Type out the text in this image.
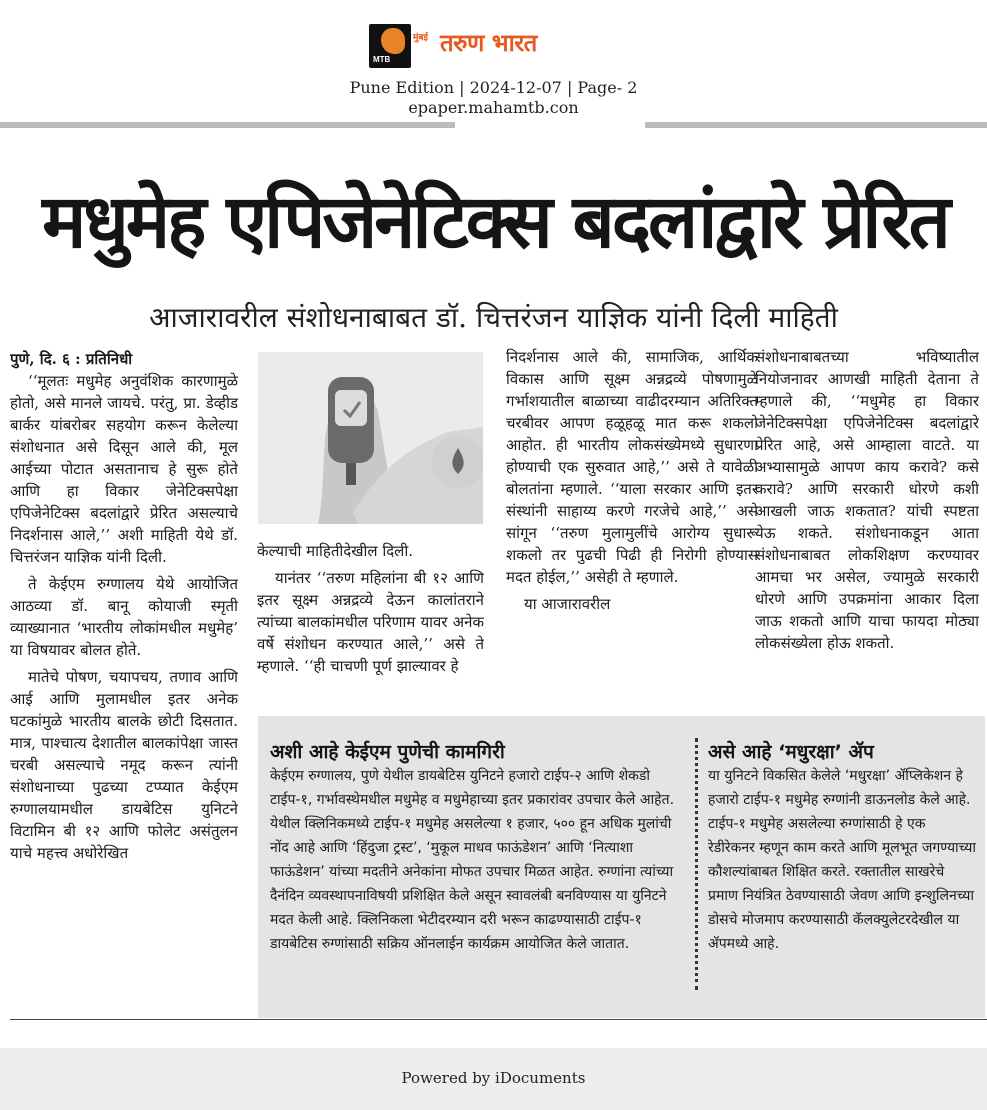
MTB
मुंबई तरुण भारत
Pune Edition | 2024-12-07 | Page- 2
epaper.mahamtb.con
मधुमेह एपिजेनेटिक्स बदलांद्वारे प्रेरित
आजारावरील संशोधनाबाबत डॉ. चित्तरंजन याज्ञिक यांनी दिली माहिती

पुणे, दि. ६ : प्रतिनिधी

‘‘मूलतः मधुमेह अनुवंशिक कारणामुळे होतो, असे मानले जायचे. परंतु, प्रा. डेव्हीड बार्कर यांबरोबर सहयोग करून केलेल्या संशोधनात असे दिसून आले की, मूल आईच्या पोटात असतानाच हे सुरू होते आणि हा विकार जेनेटिक्सपेक्षा एपिजेनेटिक्स बदलांद्वारे प्रेरित असल्याचे निदर्शनास आले,’’ अशी माहिती येथे डॉ. चित्तरंजन याज्ञिक यांनी दिली.

ते केईएम रुग्णालय येथे आयोजित आठव्या डॉ. बानू कोयाजी स्मृती व्याख्यानात ‘भारतीय लोकांमधील मधुमेह’ या विषयावर बोलत होते.

मातेचे पोषण, चयापचय, तणाव आणि आई आणि मुलामधील इतर अनेक घटकांमुळे भारतीय बालके छोटी दिसतात. मात्र, पाश्चात्य देशातील बालकांपेक्षा जास्त चरबी असल्याचे नमूद करून त्यांनी संशोधनाच्या पुढच्या टप्प्यात केईएम रुग्णालयामधील डायबेटिस युनिटने विटामिन बी १२ आणि फोलेट असंतुलन याचे महत्त्व अधोरेखित

केल्याची माहितीदेखील दिली.

यानंतर ‘‘तरुण महिलांना बी १२ आणि इतर सूक्ष्म अन्नद्रव्ये देऊन कालांतराने त्यांच्या बालकांमधील परिणाम यावर अनेक वर्षे संशोधन करण्यात आले,’’ असे ते म्हणाले. ‘‘ही चाचणी पूर्ण झाल्यावर हे

निदर्शनास आले की, सामाजिक, आर्थिक विकास आणि सूक्ष्म अन्नद्रव्ये पोषणामुळे गर्भाशयातील बाळाच्या वाढीदरम्यान अतिरिक्त चरबीवर आपण हळूहळू मात करू शकलो आहोत. ही भारतीय लोकसंख्येमध्ये सुधारणा होण्याची एक सुरुवात आहे,’’ असे ते यावेळी बोलतांना म्हणाले. ‘‘याला सरकार आणि इतर संस्थांनी साहाय्य करणे गरजेचे आहे,’’ असे सांगून ‘‘तरुण मुलामुलींचे आरोग्य सुधारू शकलो तर पुढची पिढी ही निरोगी होण्यास मदत होईल,’’ असेही ते म्हणाले.

या आजारावरील

संशोधनाबाबतच्या भविष्यातील नियोजनावर आणखी माहिती देताना ते म्हणाले की, ‘‘मधुमेह हा विकार जेनेटिक्सपेक्षा एपिजेनेटिक्स बदलांद्वारे प्रेरित आहे, असे आम्हाला वाटते. या अभ्यासामुळे आपण काय करावे? कसे करावे? आणि सरकारी धोरणे कशी आखली जाऊ शकतात? यांची स्पष्टता येऊ शकते. संशोधनाकडून आता संशोधनाबाबत लोकशिक्षण करण्यावर आमचा भर असेल, ज्यामुळे सरकारी धोरणे आणि उपक्रमांना आकार दिला जाऊ शकतो आणि याचा फायदा मोठ्या लोकसंख्येला होऊ शकतो.

अशी आहे केईएम पुणेची कामगिरी
केईएम रुग्णालय, पुणे येथील डायबेटिस युनिटने हजारो टाईप-२ आणि शेकडो टाईप-१, गर्भावस्थेमधील मधुमेह व मधुमेहाच्या इतर प्रकारांवर उपचार केले आहेत. येथील क्लिनिकमध्ये टाईप-१ मधुमेह असलेल्या १ हजार, ५०० हून अधिक मुलांची नोंद आहे आणि ‘हिंदुजा ट्रस्ट’, ‘मुकूल माधव फाऊंडेशन’ आणि ‘नित्याशा फाऊंडेशन’ यांच्या मदतीने अनेकांना मोफत उपचार मिळत आहेत. रुग्णांना त्यांच्या दैनंदिन व्यवस्थापनाविषयी प्रशिक्षित केले असून स्वावलंबी बनविण्यास या युनिटने मदत केली आहे. क्लिनिकला भेटीदरम्यान दरी भरून काढण्यासाठी टाईप-१ डायबेटिस रुग्णांसाठी सक्रिय ऑनलाईन कार्यक्रम आयोजित केले जातात.
असे आहे ‘मधुरक्षा’ ॲप
या युनिटने विकसित केलेले ‘मधुरक्षा’ ॲप्लिकेशन हे हजारो टाईप-१ मधुमेह रुग्णांनी डाऊनलोड केले आहे. टाईप-१ मधुमेह असलेल्या रुग्णांसाठी हे एक रेडीरेकनर म्हणून काम करते आणि मूलभूत जगण्याच्या कौशल्यांबाबत शिक्षित करते. रक्तातील साखरेचे प्रमाण नियंत्रित ठेवण्यासाठी जेवण आणि इन्शुलिनच्या डोसचे मोजमाप करण्यासाठी कॅलक्युलेटरदेखील या ॲपमध्ये आहे.
Powered by iDocuments
